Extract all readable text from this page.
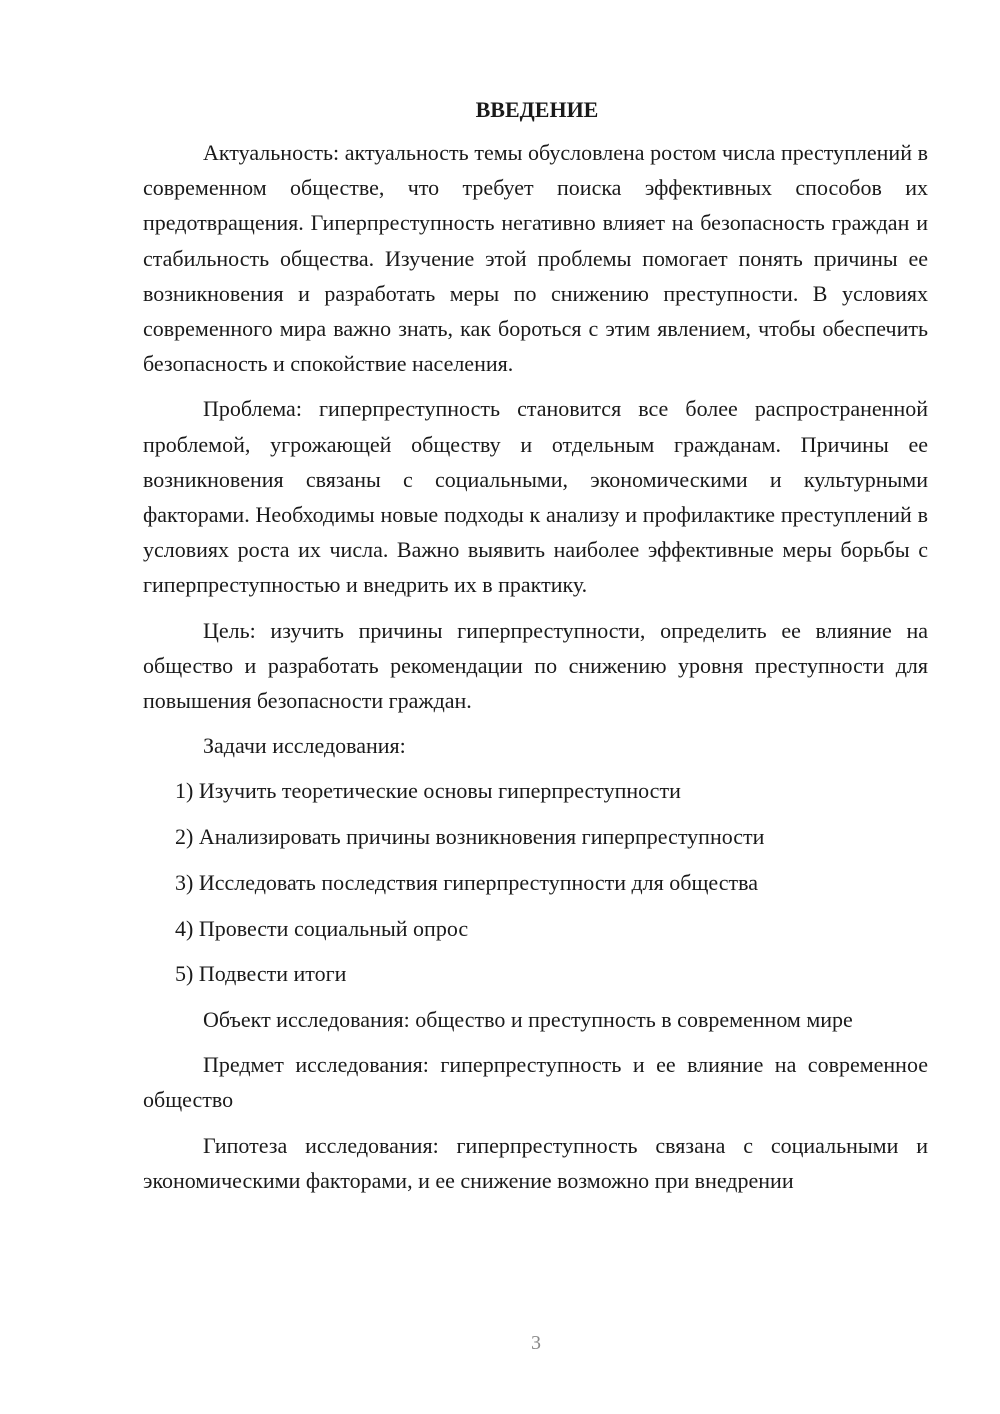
ВВЕДЕНИЕ

Актуальность: актуальность темы обусловлена ростом числа преступлений в современном обществе, что требует поиска эффективных способов их предотвращения. Гиперпреступность негативно влияет на безопасность граждан и стабильность общества. Изучение этой проблемы помогает понять причины ее возникновения и разработать меры по снижению преступности. В условиях современного мира важно знать, как бороться с этим явлением, чтобы обеспечить безопасность и спокойствие населения.

Проблема: гиперпреступность становится все более распространенной проблемой, угрожающей обществу и отдельным гражданам. Причины ее возникновения связаны с социальными, экономическими и культурными факторами. Необходимы новые подходы к анализу и профилактике преступлений в условиях роста их числа. Важно выявить наиболее эффективные меры борьбы с гиперпреступностью и внедрить их в практику.

Цель: изучить причины гиперпреступности, определить ее влияние на общество и разработать рекомендации по снижению уровня преступности для повышения безопасности граждан.

Задачи исследования:
1) Изучить теоретические основы гиперпреступности
2) Анализировать причины возникновения гиперпреступности
3) Исследовать последствия гиперпреступности для общества
4) Провести социальный опрос
5) Подвести итоги

Объект исследования: общество и преступность в современном мире

Предмет исследования: гиперпреступность и ее влияние на современное общество

Гипотеза исследования: гиперпреступность связана с социальными и экономическими факторами, и ее снижение возможно при внедрении

3
